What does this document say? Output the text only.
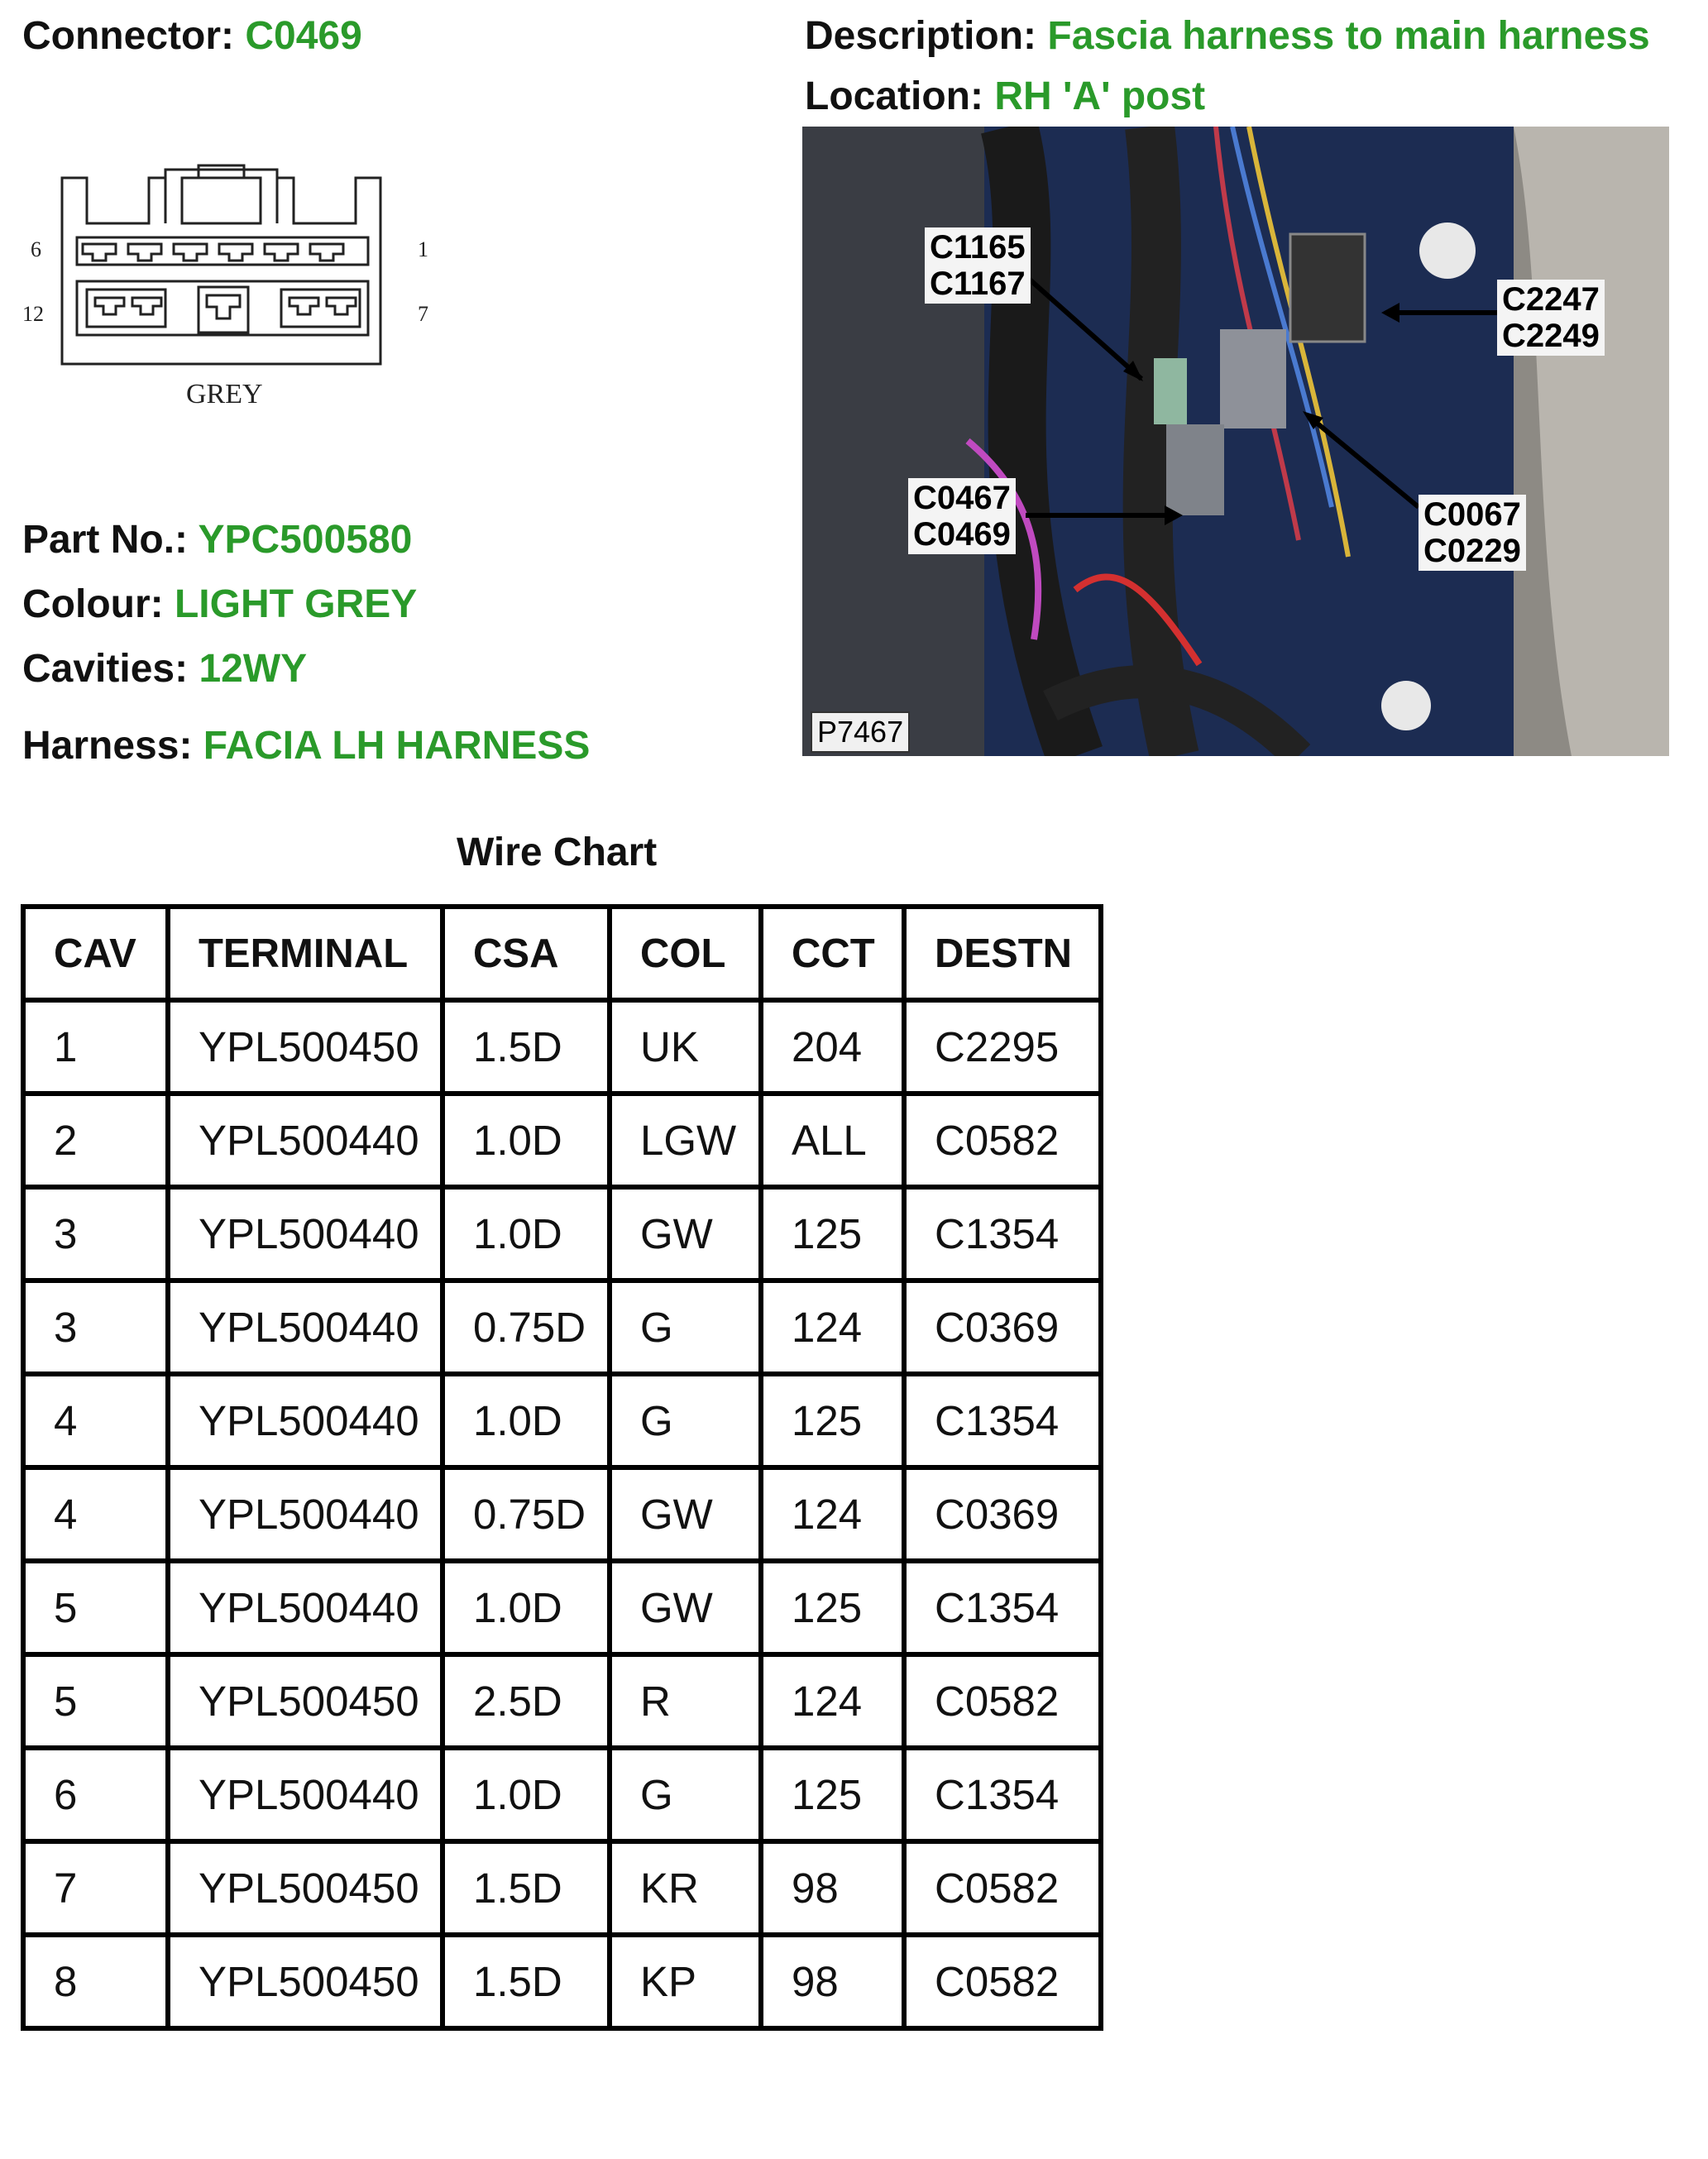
Connector: C0469	Description: Fascia harness to main harness
Location: RH 'A' post
6	1
12	7
GREY
C1165
C1167	C2247
C2249
C0467
C0469
C0067
C0229
P7467
Part No.: YPC500580
Colour: LIGHT GREY
Cavities: 12WY
Harness: FACIA LH HARNESS
Wire Chart
CAV	TERMINAL	CSA	COL	CCT	DESTN
1	YPL500450	1.5D	UK	204	C2295
2	YPL500440	1.0D	LGW	ALL	C0582
3	YPL500440	1.0D	GW	125	C1354
3	YPL500440	0.75D	G	124	C0369
4	YPL500440	1.0D	G	125	C1354
4	YPL500440	0.75D	GW	124	C0369
5	YPL500440	1.0D	GW	125	C1354
5	YPL500450	2.5D	R	124	C0582
6	YPL500440	1.0D	G	125	C1354
7	YPL500450	1.5D	KR	98	C0582
8	YPL500450	1.5D	KP	98	C0582
